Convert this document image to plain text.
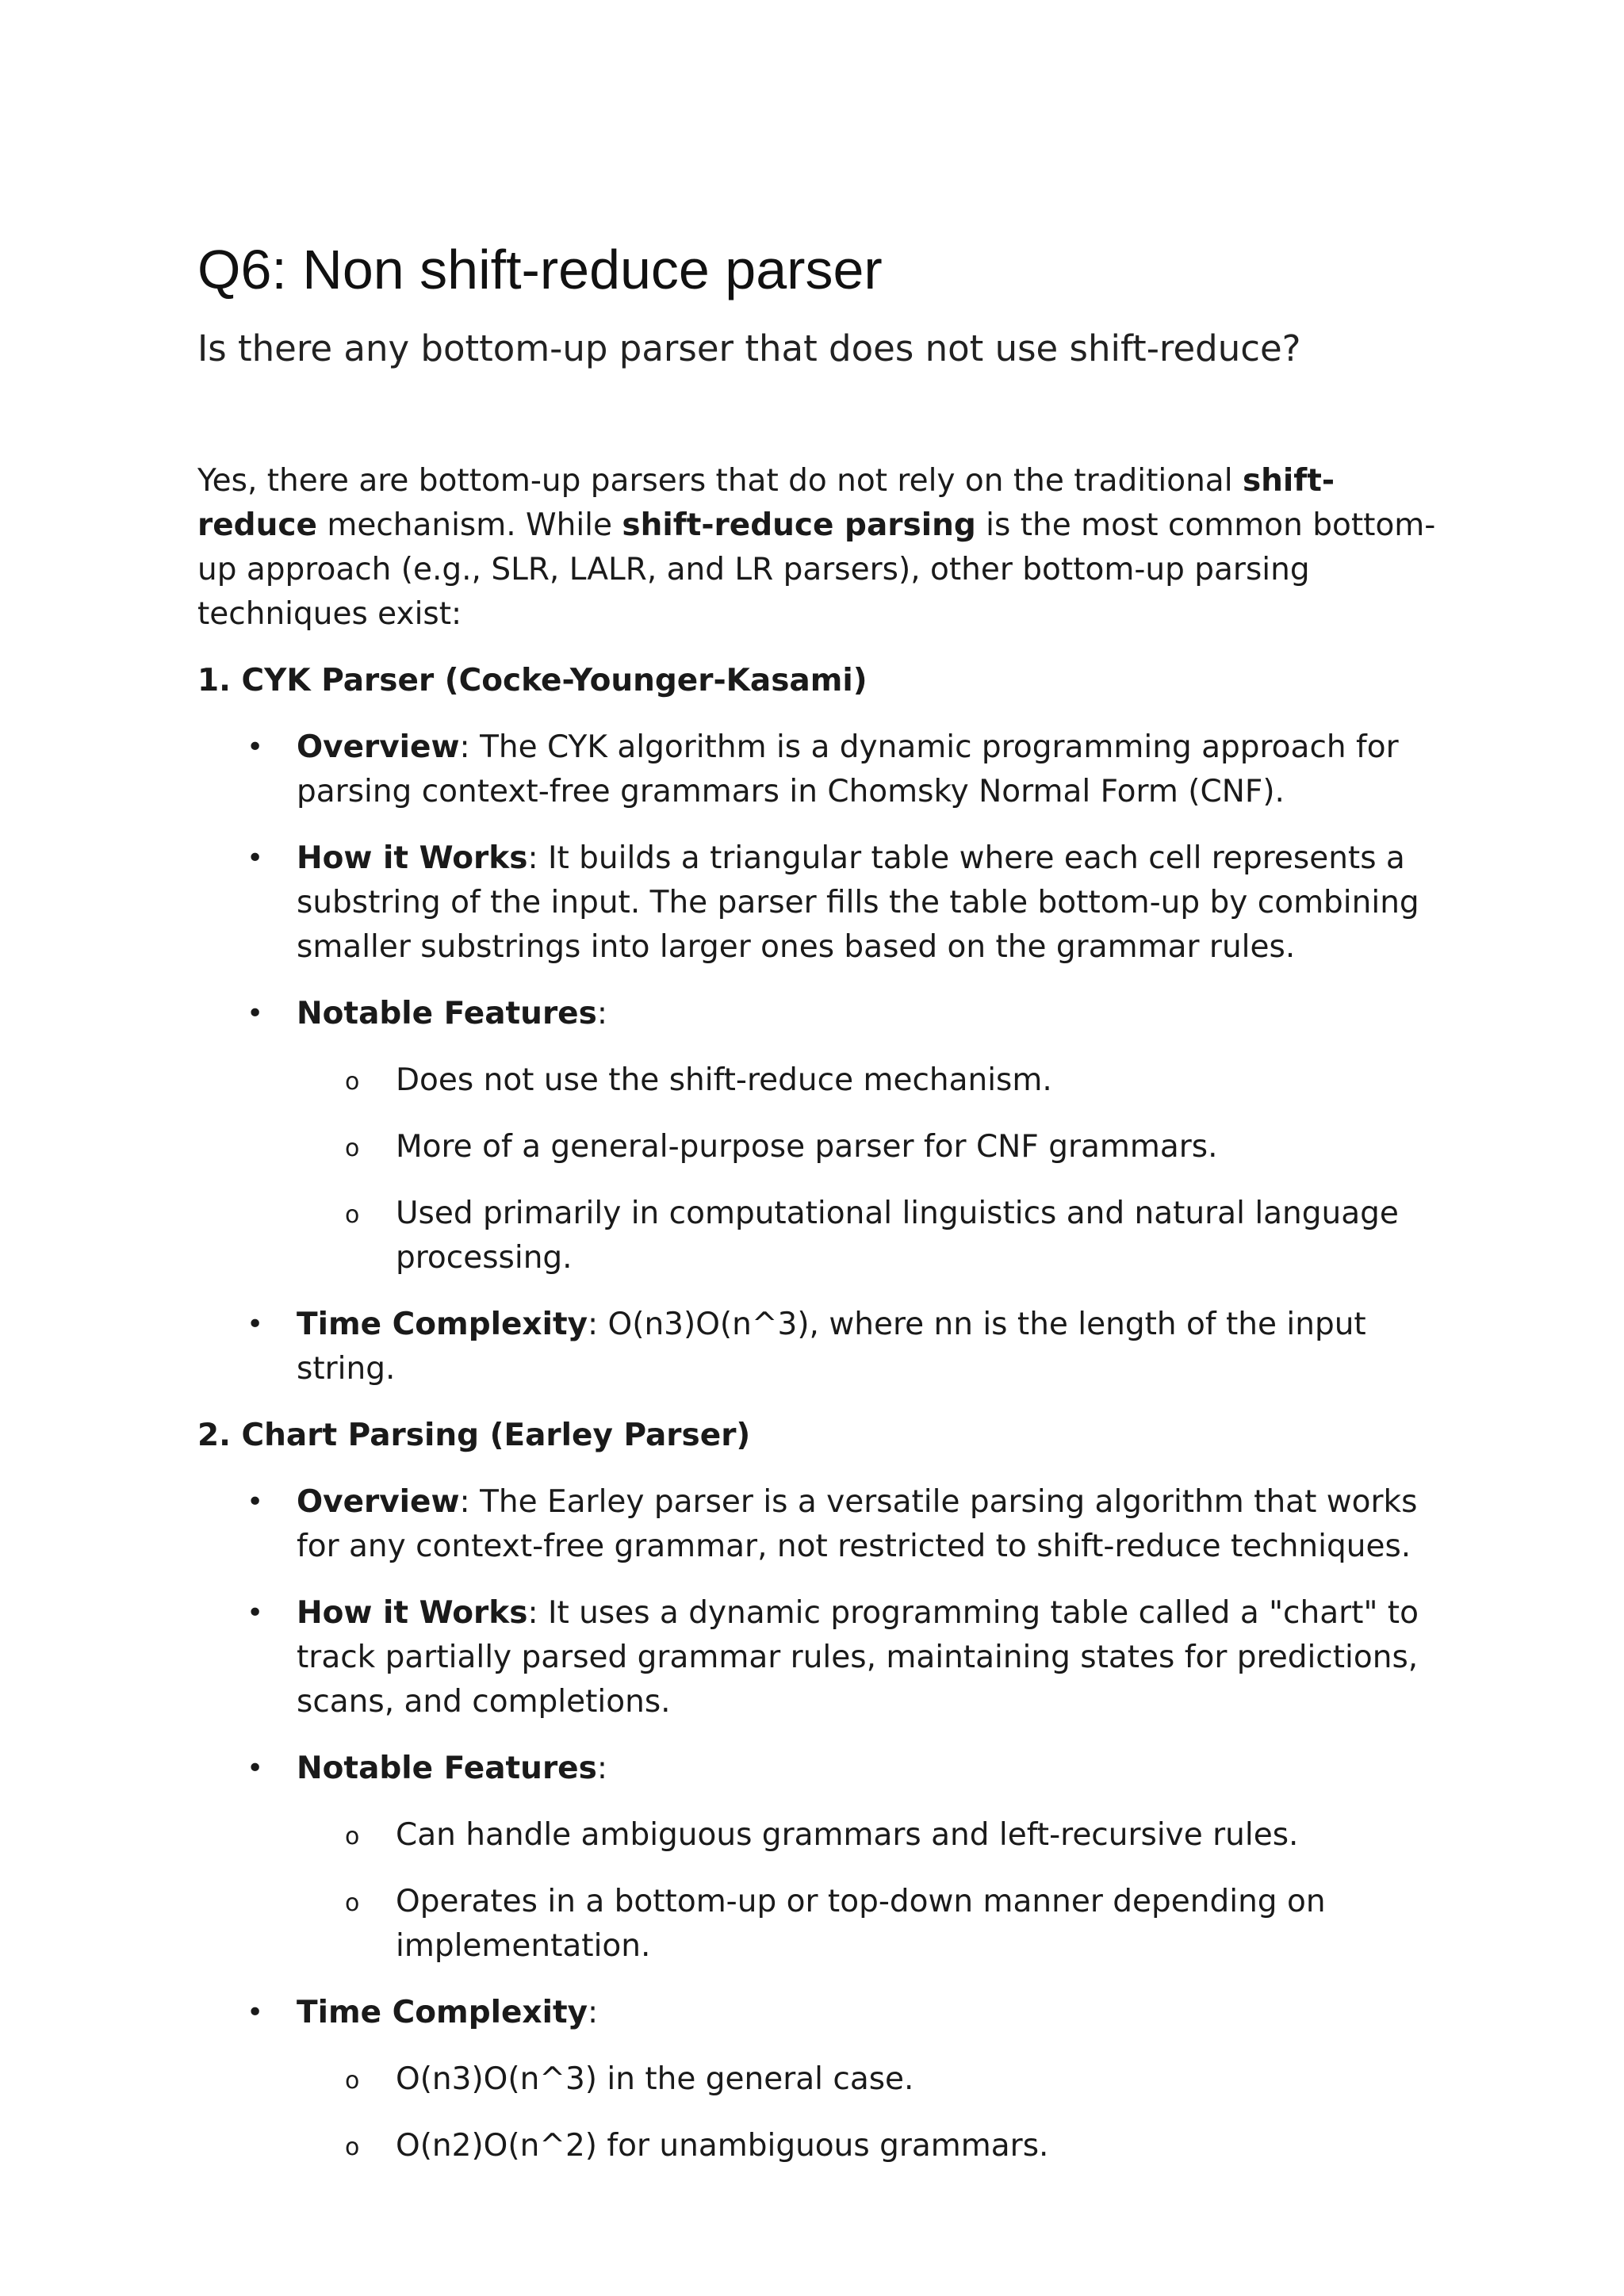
Q6: Non shift-reduce parser
Is there any bottom-up parser that does not use shift-reduce?

Yes, there are bottom-up parsers that do not rely on the traditional shift-reduce mechanism. While shift-reduce parsing is the most common bottom-up approach (e.g., SLR, LALR, and LR parsers), other bottom-up parsing techniques exist:

1. CYK Parser (Cocke-Younger-Kasami)
• Overview: The CYK algorithm is a dynamic programming approach for parsing context-free grammars in Chomsky Normal Form (CNF).
• How it Works: It builds a triangular table where each cell represents a substring of the input. The parser fills the table bottom-up by combining smaller substrings into larger ones based on the grammar rules.
• Notable Features:
o Does not use the shift-reduce mechanism.
o More of a general-purpose parser for CNF grammars.
o Used primarily in computational linguistics and natural language processing.
• Time Complexity: O(n3)O(n^3), where nn is the length of the input string.
2. Chart Parsing (Earley Parser)
• Overview: The Earley parser is a versatile parsing algorithm that works for any context-free grammar, not restricted to shift-reduce techniques.
• How it Works: It uses a dynamic programming table called a "chart" to track partially parsed grammar rules, maintaining states for predictions, scans, and completions.
• Notable Features:
o Can handle ambiguous grammars and left-recursive rules.
o Operates in a bottom-up or top-down manner depending on implementation.
• Time Complexity:
o O(n3)O(n^3) in the general case.
o O(n2)O(n^2) for unambiguous grammars.
